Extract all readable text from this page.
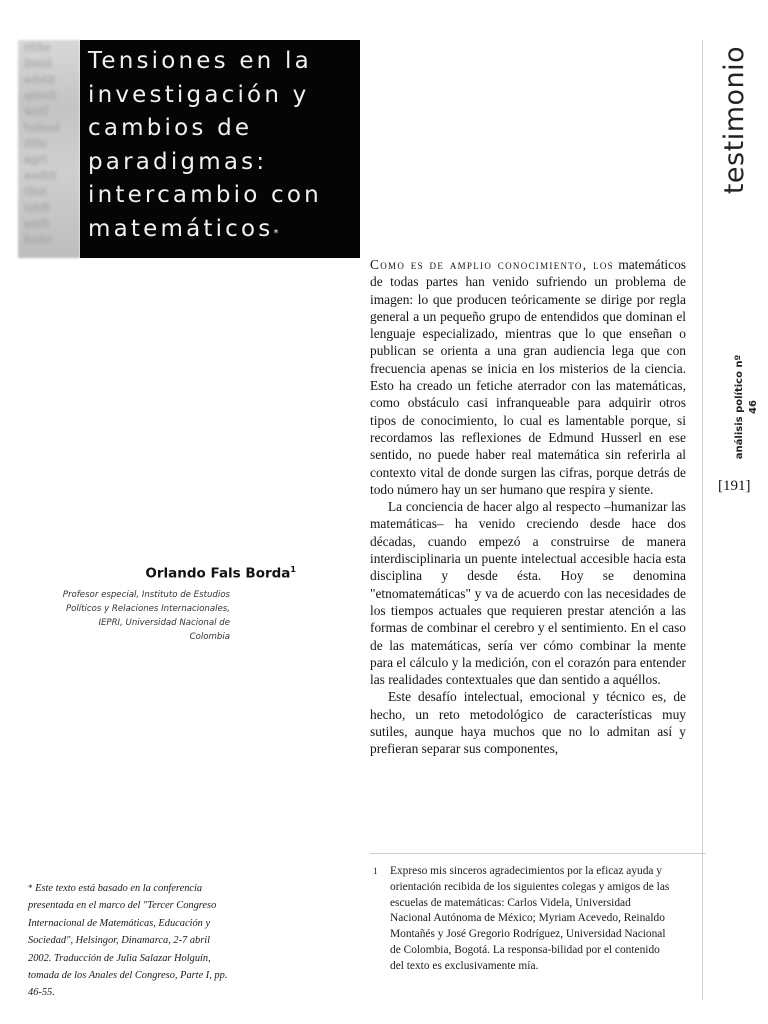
rithe
lleiid
adstit
antelt
wstf
tumud
itthi
agrt
aedtit
thut
iutdt
anrb
haite
Tensiones en la
investigación y
cambios de
paradigmas:
intercambio con
matemáticos*
testimonio
análisis político nº 46
[191]

Orlando Fals Borda$^1$

Profesor especial, Instituto de Estudios Políticos y Relaciones Internacionales, IEPRI, Universidad Nacional de Colombia

* Este texto está basado en la conferencia presentada en el marco del "Tercer Congreso Internacional de Matemáticas, Educación y Sociedad", Helsingor, Dinamarca, 2-7 abril 2002. Traducción de Julia Salazar Holguín, tomada de los Anales del Congreso, Parte I, pp. 46-55.

Como es de amplio conocimiento, los matemáticos de todas partes han venido sufriendo un problema de imagen: lo que producen teóricamente se dirige por regla general a un pequeño grupo de entendidos que dominan el lenguaje especializado, mientras que lo que enseñan o publican se orienta a una gran audiencia lega que con frecuencia apenas se inicia en los misterios de la ciencia. Esto ha creado un fetiche aterrador con las matemáticas, como obstáculo casi infranqueable para adquirir otros tipos de conocimiento, lo cual es lamentable porque, si recordamos las reflexiones de Edmund Husserl en ese sentido, no puede haber real matemática sin referirla al contexto vital de donde surgen las cifras, porque detrás de todo número hay un ser humano que respira y siente.

La conciencia de hacer algo al respecto –humanizar las matemáticas– ha venido creciendo desde hace dos décadas, cuando empezó a construirse de manera interdisciplinaria un puente intelectual accesible hacia esta disciplina y desde ésta. Hoy se denomina "etnomatemáticas" y va de acuerdo con las necesidades de los tiempos actuales que requieren prestar atención a las formas de combinar el cerebro y el sentimiento. En el caso de las matemáticas, sería ver cómo combinar la mente para el cálculo y la medición, con el corazón para entender las realidades contextuales que dan sentido a aquéllos.

Este desafío intelectual, emocional y técnico es, de hecho, un reto metodológico de características muy sutiles, aunque haya muchos que no lo admitan así y prefieran separar sus componentes,

1 Expreso mis sinceros agradecimientos por la eficaz ayuda y orientación recibida de los siguientes colegas y amigos de las escuelas de matemáticas: Carlos Videla, Universidad Nacional Autónoma de México; Myriam Acevedo, Reinaldo Montañés y José Gregorio Rodríguez, Universidad Nacional de Colombia, Bogotá. La responsa-bilidad por el contenido del texto es exclusivamente mía.
